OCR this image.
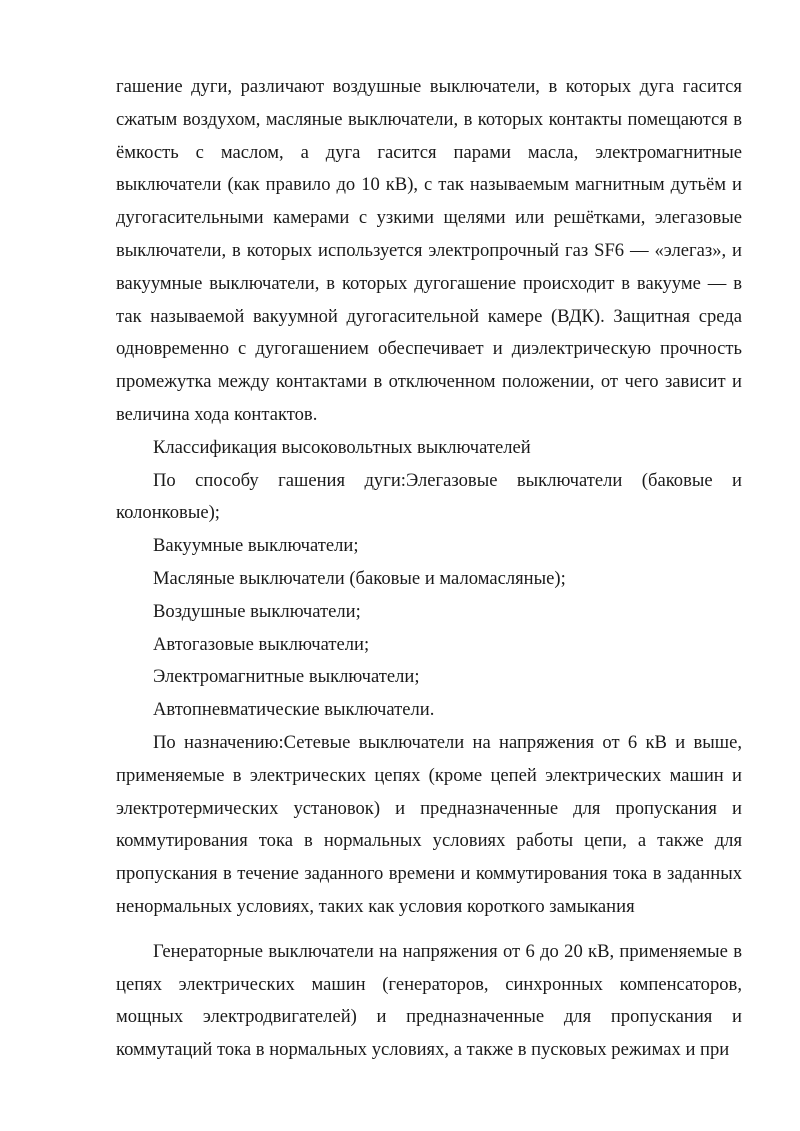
гашение дуги, различают воздушные выключатели, в которых дуга гасится сжатым воздухом, масляные выключатели, в которых контакты помещаются в ёмкость с маслом, а дуга гасится парами масла, электромагнитные выключатели (как правило до 10 кВ), с так называемым магнитным дутьём и дугогасительными камерами с узкими щелями или решётками, элегазовые выключатели, в которых используется электропрочный газ SF6 — «элегаз», и вакуумные выключатели, в которых дугогашение происходит в вакууме — в так называемой вакуумной дугогасительной камере (ВДК). Защитная среда одновременно с дугогашением обеспечивает и диэлектрическую прочность промежутка между контактами в отключенном положении, от чего зависит и величина хода контактов.

Классификация высоковольтных выключателей

По способу гашения дуги:Элегазовые выключатели (баковые и колонковые);

Вакуумные выключатели;

Масляные выключатели (баковые и маломасляные);

Воздушные выключатели;

Автогазовые выключатели;

Электромагнитные выключатели;

Автопневматические выключатели.

По назначению:Сетевые выключатели на напряжения от 6 кВ и выше, применяемые в электрических цепях (кроме цепей электрических машин и электротермических установок) и предназначенные для пропускания и коммутирования тока в нормальных условиях работы цепи, а также для пропускания в течение заданного времени и коммутирования тока в заданных ненормальных условиях, таких как условия короткого замыкания

Генераторные выключатели на напряжения от 6 до 20 кВ, применяемые в цепях электрических машин (генераторов, синхронных компенсаторов, мощных электродвигателей) и предназначенные для пропускания и коммутаций тока в нормальных условиях, а также в пусковых режимах и при
